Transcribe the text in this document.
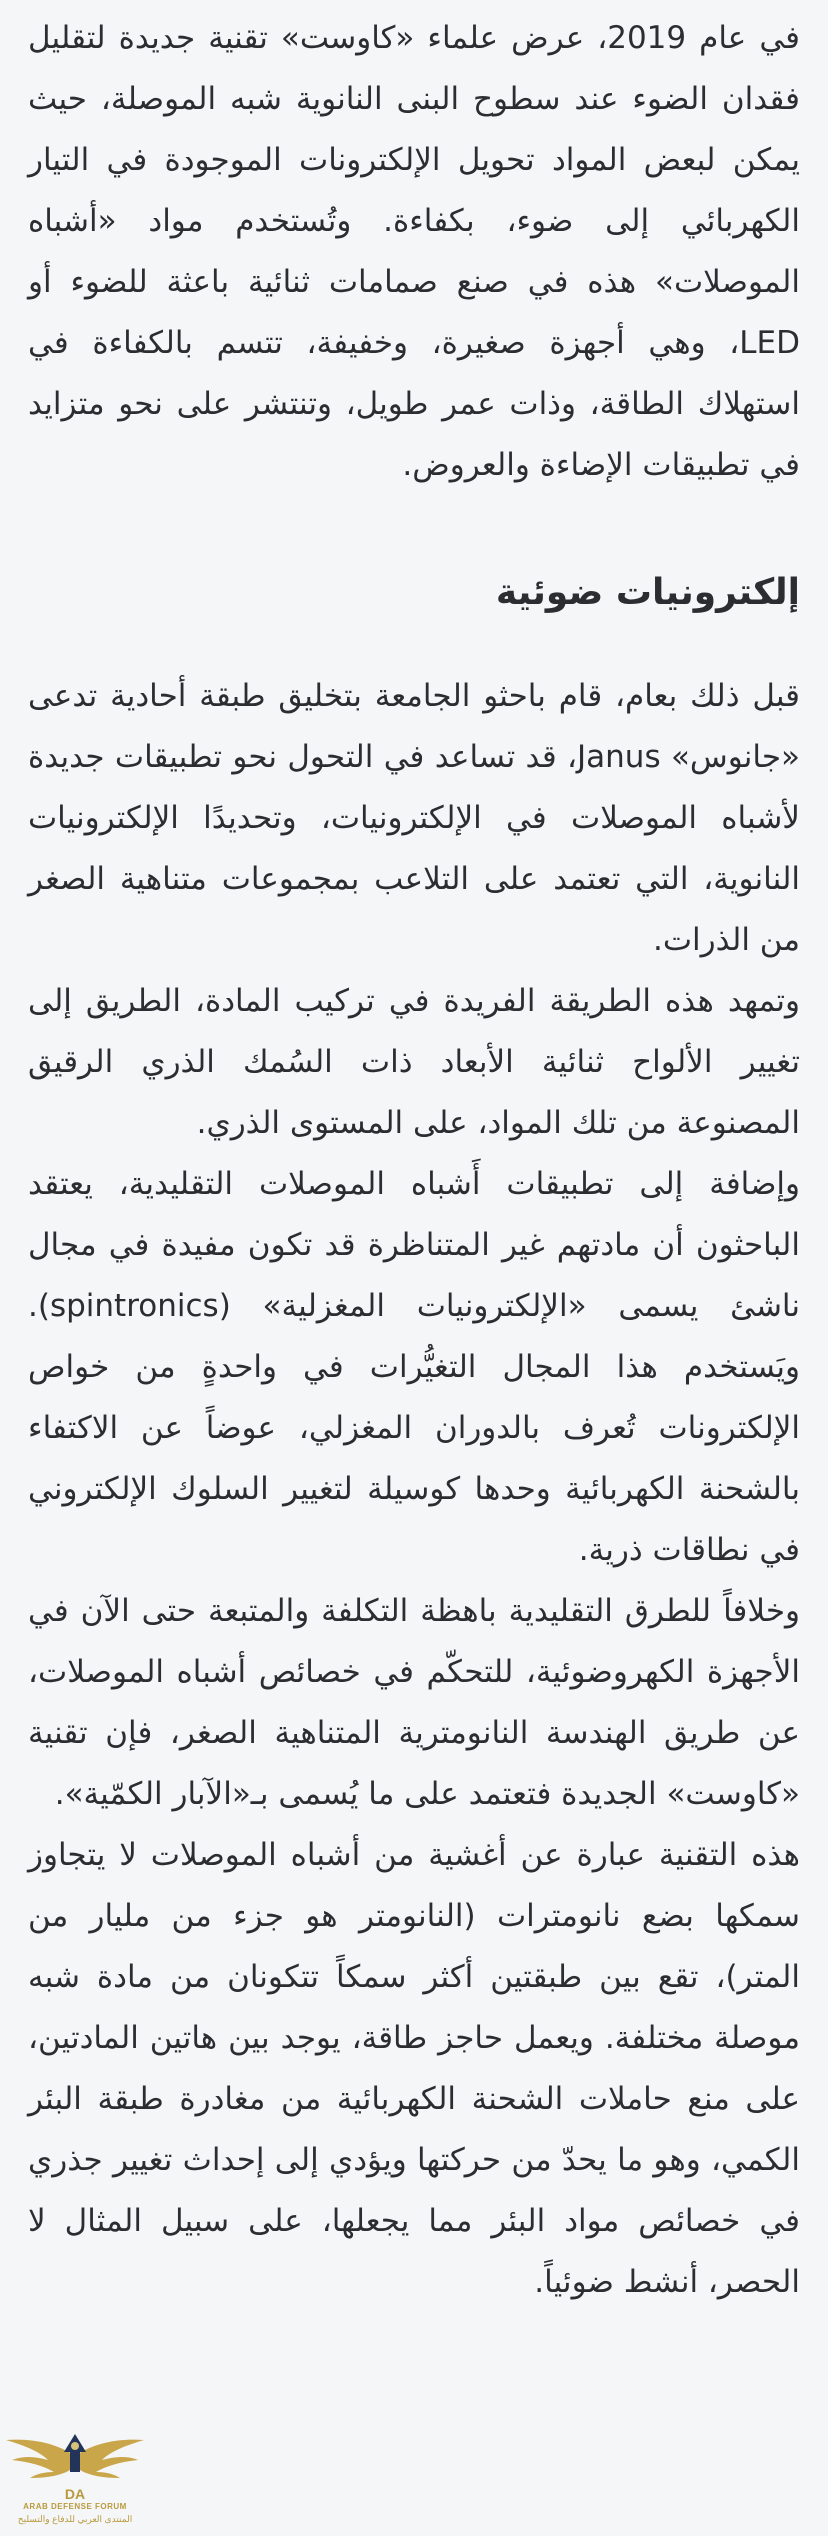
في عام 2019، عرض علماء «كاوست» تقنية جديدة لتقليل فقدان الضوء عند سطوح البنى النانوية شبه الموصلة، حيث يمكن لبعض المواد تحويل الإلكترونات الموجودة في التيار الكهربائي إلى ضوء، بكفاءة. وتُستخدم مواد «أشباه الموصلات» هذه في صنع صمامات ثنائية باعثة للضوء أو LED، وهي أجهزة صغيرة، وخفيفة، تتسم بالكفاءة في استهلاك الطاقة، وذات عمر طويل، وتنتشر على نحو متزايد في تطبيقات الإضاءة والعروض.

إلكترونيات ضوئية

قبل ذلك بعام، قام باحثو الجامعة بتخليق طبقة أحادية تدعى «جانوس» Janus، قد تساعد في التحول نحو تطبيقات جديدة لأشباه الموصلات في الإلكترونيات، وتحديدًا الإلكترونيات النانوية، التي تعتمد على التلاعب بمجموعات متناهية الصغر من الذرات.

وتمهد هذه الطريقة الفريدة في تركيب المادة، الطريق إلى تغيير الألواح ثنائية الأبعاد ذات السُمك الذري الرقيق المصنوعة من تلك المواد، على المستوى الذري.

وإضافة إلى تطبيقات أَشباه الموصلات التقليدية، يعتقد الباحثون أن مادتهم غير المتناظرة قد تكون مفيدة في مجال ناشئ يسمى «الإلكترونيات المغزلية» (spintronics). ويَستخدم هذا المجال التغيُّرات في واحدةٍ من خواص الإلكترونات تُعرف بالدوران المغزلي، عوضاً عن الاكتفاء بالشحنة الكهربائية وحدها كوسيلة لتغيير السلوك الإلكتروني في نطاقات ذرية.

وخلافاً للطرق التقليدية باهظة التكلفة والمتبعة حتى الآن في الأجهزة الكهروضوئية، للتحكّم في خصائص أشباه الموصلات، عن طريق الهندسة النانومترية المتناهية الصغر، فإن تقنية «كاوست» الجديدة فتعتمد على ما يُسمى بـ«الآبار الكمّية».

هذه التقنية عبارة عن أغشية من أشباه الموصلات لا يتجاوز سمكها بضع نانومترات (النانومتر هو جزء من مليار من المتر)، تقع بين طبقتين أكثر سمكاً تتكونان من مادة شبه موصلة مختلفة. ويعمل حاجز طاقة، يوجد بين هاتين المادتين، على منع حاملات الشحنة الكهربائية من مغادرة طبقة البئر الكمي، وهو ما يحدّ من حركتها ويؤدي إلى إحداث تغيير جذري في خصائص مواد البئر مما يجعلها، على سبيل المثال لا الحصر، أنشط ضوئياً.

DA
ARAB DEFENSE FORUM
المنتدى العربي للدفاع والتسليح
